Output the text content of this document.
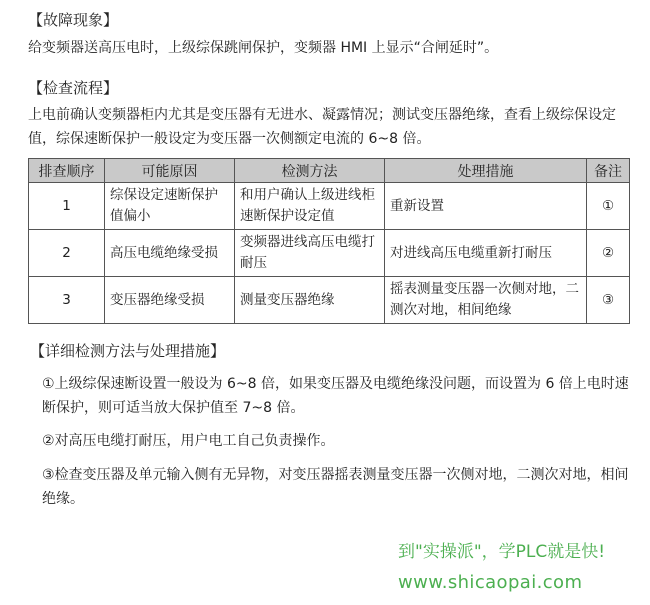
【故障现象】
给变频器送高压电时，上级综保跳闸保护，变频器 HMI 上显示“合闸延时”。
【检查流程】
上电前确认变频器柜内尤其是变压器有无进水、凝露情况；测试变压器绝缘，查看上级综保设定值，综保速断保护一般设定为变压器一次侧额定电流的 6~8 倍。
排查顺序	可能原因	检测方法	处理措施	备注
1	综保设定速断保护值偏小	和用户确认上级进线柜速断保护设定值	重新设置	①
2	高压电缆绝缘受损	变频器进线高压电缆打耐压	对进线高压电缆重新打耐压	②
3	变压器绝缘受损	测量变压器绝缘	摇表测量变压器一次侧对地，二测次对地，相间绝缘	③
【详细检测方法与处理措施】
①上级综保速断设置一般设为 6~8 倍，如果变压器及电缆绝缘没问题，而设置为 6 倍上电时速断保护，则可适当放大保护值至 7~8 倍。
②对高压电缆打耐压，用户电工自己负责操作。
③检查变压器及单元输入侧有无异物，对变压器摇表测量变压器一次侧对地，二测次对地，相间绝缘。
到"实操派"，学PLC就是快!
www.shicaopai.com
